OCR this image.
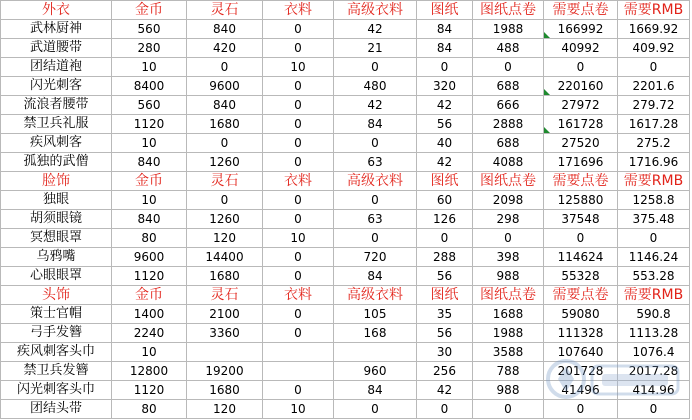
外衣	金币	灵石	衣料	高级衣料	图纸	图纸点卷	需要点卷	需要RMB
武林厨神	560	840	0	42	84	1988	166992	1669.92
武道腰带	280	420	0	21	84	488	40992	409.92
团结道袍	10	0	10	0	0	0	0	0
闪光刺客	8400	9600	0	480	320	688	220160	2201.6
流浪者腰带	560	840	0	42	42	666	27972	279.72
禁卫兵礼服	1120	1680	0	84	56	2888	161728	1617.28
疾风刺客	10	0	0	0	40	688	27520	275.2
孤独的武僧	840	1260	0	63	42	4088	171696	1716.96
脸饰	金币	灵石	衣料	高级衣料	图纸	图纸点卷	需要点卷	需要RMB
独眼	10	0	0	0	60	2098	125880	1258.8
胡须眼镜	840	1260	0	63	126	298	37548	375.48
冥想眼罩	80	120	10	0	0	0	0	0
乌鸦嘴	9600	14400	0	720	288	398	114624	1146.24
心眼眼罩	1120	1680	0	84	56	988	55328	553.28
头饰	金币	灵石	衣料	高级衣料	图纸	图纸点卷	需要点卷	需要RMB
策士官帽	1400	2100	0	105	35	1688	59080	590.8
弓手发簪	2240	3360	0	168	56	1988	111328	1113.28
疾风刺客头巾	10				30	3588	107640	1076.4
禁卫兵发簪	12800	19200		960	256	788	201728	2017.28
闪光刺客头巾	1120	1680	0	84	42	988	41496	414.96
团结头带	80	120	10	0	0	0	0	0
